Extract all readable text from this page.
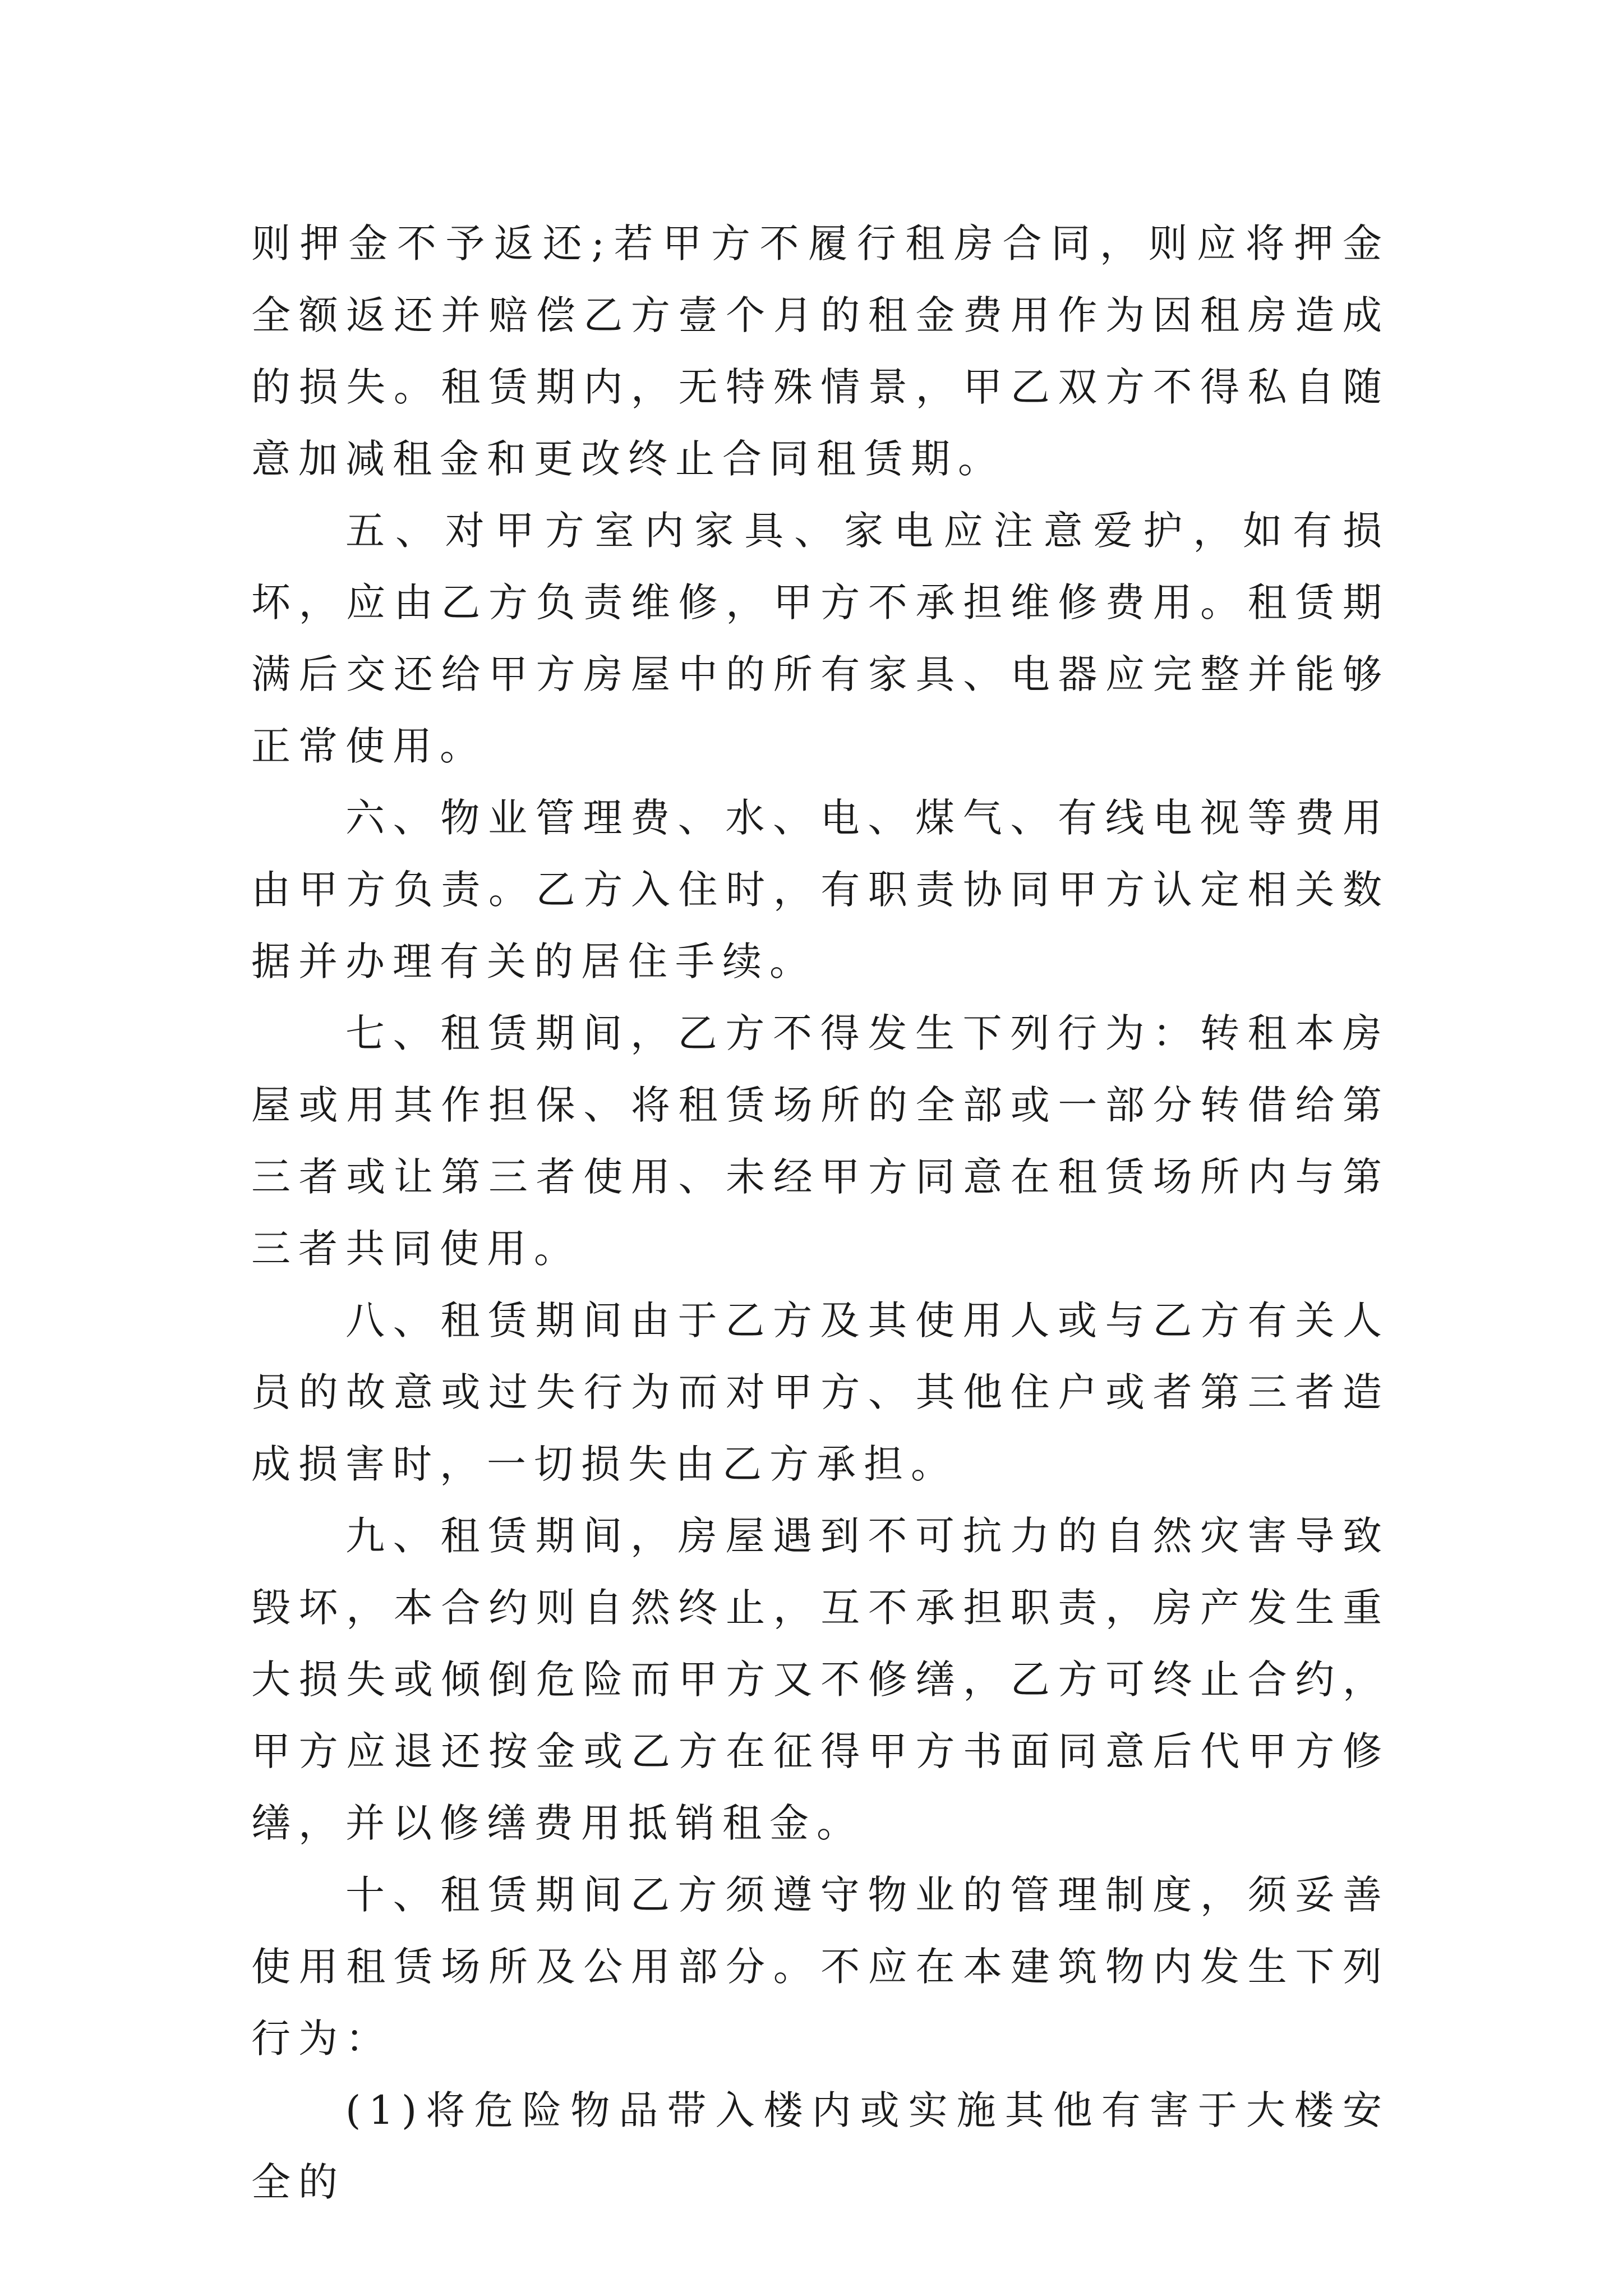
则押金不予返还;若甲方不履行租房合同，则应将押金全额返还并赔偿乙方壹个月的租金费用作为因租房造成的损失。租赁期内，无特殊情景，甲乙双方不得私自随意加减租金和更改终止合同租赁期。

五、对甲方室内家具、家电应注意爱护，如有损坏，应由乙方负责维修，甲方不承担维修费用。租赁期满后交还给甲方房屋中的所有家具、电器应完整并能够正常使用。

六、物业管理费、水、电、煤气、有线电视等费用由甲方负责。乙方入住时，有职责协同甲方认定相关数据并办理有关的居住手续。

七、租赁期间，乙方不得发生下列行为：转租本房屋或用其作担保、将租赁场所的全部或一部分转借给第三者或让第三者使用、未经甲方同意在租赁场所内与第三者共同使用。

八、租赁期间由于乙方及其使用人或与乙方有关人员的故意或过失行为而对甲方、其他住户或者第三者造成损害时，一切损失由乙方承担。

九、租赁期间，房屋遇到不可抗力的自然灾害导致毁坏，本合约则自然终止，互不承担职责，房产发生重大损失或倾倒危险而甲方又不修缮，乙方可终止合约，甲方应退还按金或乙方在征得甲方书面同意后代甲方修缮，并以修缮费用抵销租金。

十、租赁期间乙方须遵守物业的管理制度，须妥善使用租赁场所及公用部分。不应在本建筑物内发生下列行为：

(1)将危险物品带入楼内或实施其他有害于大楼安全的
